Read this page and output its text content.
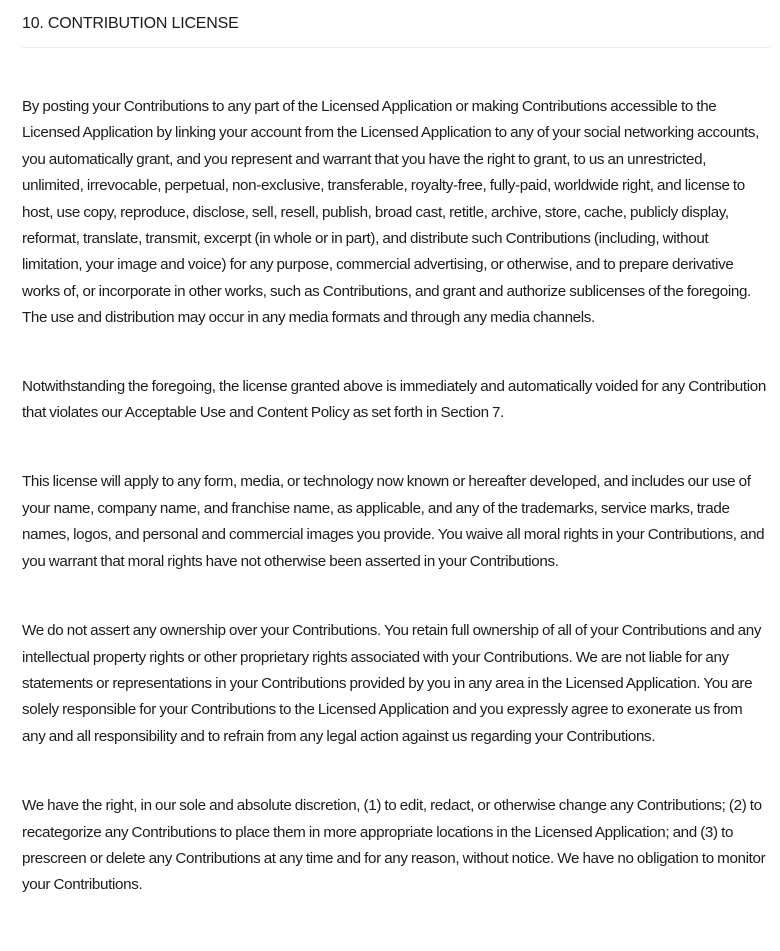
10. CONTRIBUTION LICENSE

By posting your Contributions to any part of the Licensed Application or making Contributions accessible to the Licensed Application by linking your account from the Licensed Application to any of your social networking accounts, you automatically grant, and you represent and warrant that you have the right to grant, to us an unrestricted, unlimited, irrevocable, perpetual, non-exclusive, transferable, royalty-free, fully-paid, worldwide right, and license to host, use copy, reproduce, disclose, sell, resell, publish, broad cast, retitle, archive, store, cache, publicly display, reformat, translate, transmit, excerpt (in whole or in part), and distribute such Contributions (including, without limitation, your image and voice) for any purpose, commercial advertising, or otherwise, and to prepare derivative works of, or incorporate in other works, such as Contributions, and grant and authorize sublicenses of the foregoing. The use and distribution may occur in any media formats and through any media channels.

Notwithstanding the foregoing, the license granted above is immediately and automatically voided for any Contribution that violates our Acceptable Use and Content Policy as set forth in Section 7.

This license will apply to any form, media, or technology now known or hereafter developed, and includes our use of your name, company name, and franchise name, as applicable, and any of the trademarks, service marks, trade names, logos, and personal and commercial images you provide. You waive all moral rights in your Contributions, and you warrant that moral rights have not otherwise been asserted in your Contributions.

We do not assert any ownership over your Contributions. You retain full ownership of all of your Contributions and any intellectual property rights or other proprietary rights associated with your Contributions. We are not liable for any statements or representations in your Contributions provided by you in any area in the Licensed Application. You are solely responsible for your Contributions to the Licensed Application and you expressly agree to exonerate us from any and all responsibility and to refrain from any legal action against us regarding your Contributions.

We have the right, in our sole and absolute discretion, (1) to edit, redact, or otherwise change any Contributions; (2) to recategorize any Contributions to place them in more appropriate locations in the Licensed Application; and (3) to prescreen or delete any Contributions at any time and for any reason, without notice. We have no obligation to monitor your Contributions.
